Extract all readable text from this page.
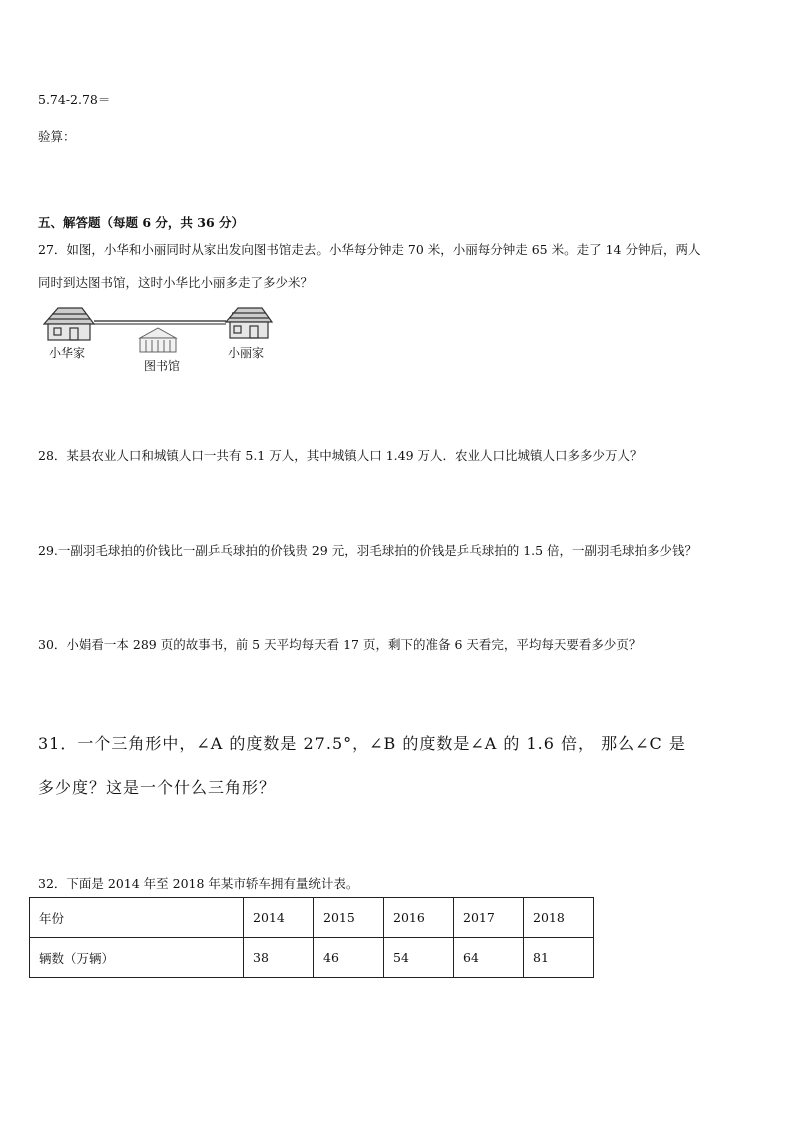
5.74-2.78＝

验算：

五、解答题（每题 6 分，共 36 分）

27．如图，小华和小丽同时从家出发向图书馆走去。小华每分钟走 70 米，小丽每分钟走 65 米。走了 14 分钟后，两人

同时到达图书馆，这时小华比小丽多走了多少米？

小华家
图书馆
小丽家

28．某县农业人口和城镇人口一共有 5.1 万人，其中城镇人口 1.49 万人．农业人口比城镇人口多多少万人？

29.一副羽毛球拍的价钱比一副乒乓球拍的价钱贵 29 元，羽毛球拍的价钱是乒乓球拍的 1.5 倍，一副羽毛球拍多少钱？

30．小娟看一本 289 页的故事书，前 5 天平均每天看 17 页，剩下的准备 6 天看完，平均每天要看多少页？

31．一个三角形中，∠A 的度数是 27.5°，∠B 的度数是∠A 的 1.6 倍， 那么∠C 是

多少度？这是一个什么三角形？

32．下面是 2014 年至 2018 年某市轿车拥有量统计表。

年份	2014	2015	2016	2017	2018
辆数（万辆）	38	46	54	64	81
